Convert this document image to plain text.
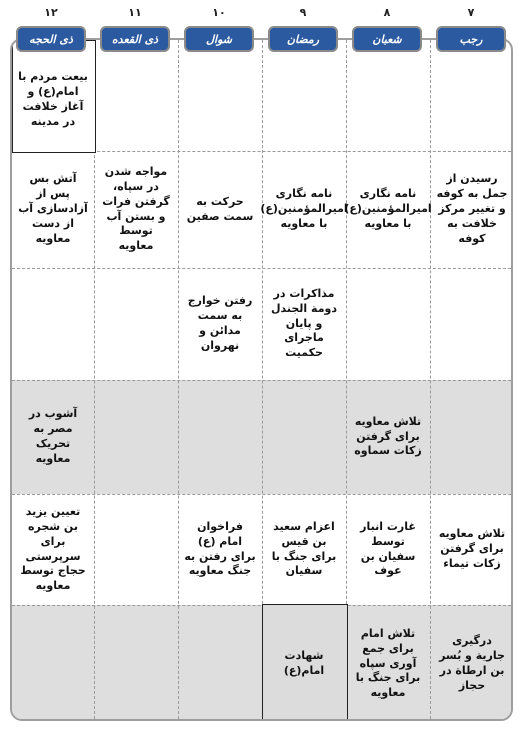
۷
۸
۹
۱۰
۱۱
۱۲
بیعت مردم با امام(ع) و آغاز خلافت در مدینه
رسیدن از جمل به کوفه و تغییر مرکز خلافت به کوفه
نامه نگاری امیرالمؤمنین(ع) با معاویه
نامه نگاری امیرالمؤمنین(ع) با معاویه
حرکت به سمت صفین
مواجه شدن در سپاه، گرفتن فرات و بستن آب توسط معاویه
آتش بس پس از آزادسازی آب از دست معاویه
مذاکرات در دومة الجندل و پایان ماجرای حکمیت
رفتن خوارج به سمت مدائن و نهروان
تلاش معاویه برای گرفتن زکات سماوه
آشوب در مصر به تحریک معاویه
تلاش معاویه برای گرفتن زکات تیماء
غارت انبار توسط سفیان بن عوف
اعزام سعید بن قیس برای جنگ با سفیان
فراخوان امام (ع) برای رفتن به جنگ معاویه
تعیین یزید بن شجره برای سرپرستی حجاج توسط معاویه
درگیری جاریة و بُسر بن ارطاة در حجاز
تلاش امام برای جمع آوری سپاه برای جنگ با معاویه
شهادت امام(ع)
رجب
شعبان
رمضان
شوال
ذی القعده
ذی الحجه
